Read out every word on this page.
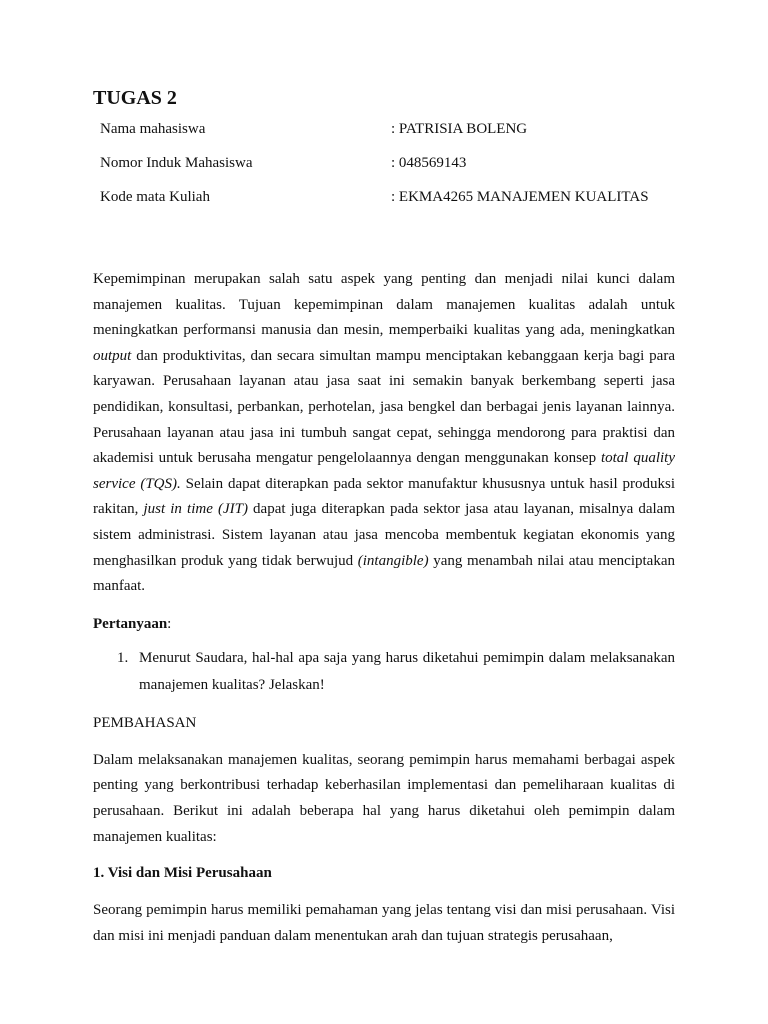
TUGAS 2
Nama mahasiswa	: PATRISIA BOLENG
Nomor Induk Mahasiswa	: 048569143
Kode mata Kuliah	: EKMA4265 MANAJEMEN KUALITAS

Kepemimpinan merupakan salah satu aspek yang penting dan menjadi nilai kunci dalam manajemen kualitas. Tujuan kepemimpinan dalam manajemen kualitas adalah untuk meningkatkan performansi manusia dan mesin, memperbaiki kualitas yang ada, meningkatkan output dan produktivitas, dan secara simultan mampu menciptakan kebanggaan kerja bagi para karyawan. Perusahaan layanan atau jasa saat ini semakin banyak berkembang seperti jasa pendidikan, konsultasi, perbankan, perhotelan, jasa bengkel dan berbagai jenis layanan lainnya. Perusahaan layanan atau jasa ini tumbuh sangat cepat, sehingga mendorong para praktisi dan akademisi untuk berusaha mengatur pengelolaannya dengan menggunakan konsep total quality service (TQS). Selain dapat diterapkan pada sektor manufaktur khususnya untuk hasil produksi rakitan, just in time (JIT) dapat juga diterapkan pada sektor jasa atau layanan, misalnya dalam sistem administrasi. Sistem layanan atau jasa mencoba membentuk kegiatan ekonomis yang menghasilkan produk yang tidak berwujud (intangible) yang menambah nilai atau menciptakan manfaat.

Pertanyaan:
1. Menurut Saudara, hal-hal apa saja yang harus diketahui pemimpin dalam melaksanakan manajemen kualitas? Jelaskan!
PEMBAHASAN

Dalam melaksanakan manajemen kualitas, seorang pemimpin harus memahami berbagai aspek penting yang berkontribusi terhadap keberhasilan implementasi dan pemeliharaan kualitas di perusahaan. Berikut ini adalah beberapa hal yang harus diketahui oleh pemimpin dalam manajemen kualitas:

1. Visi dan Misi Perusahaan

Seorang pemimpin harus memiliki pemahaman yang jelas tentang visi dan misi perusahaan. Visi dan misi ini menjadi panduan dalam menentukan arah dan tujuan strategis perusahaan,
